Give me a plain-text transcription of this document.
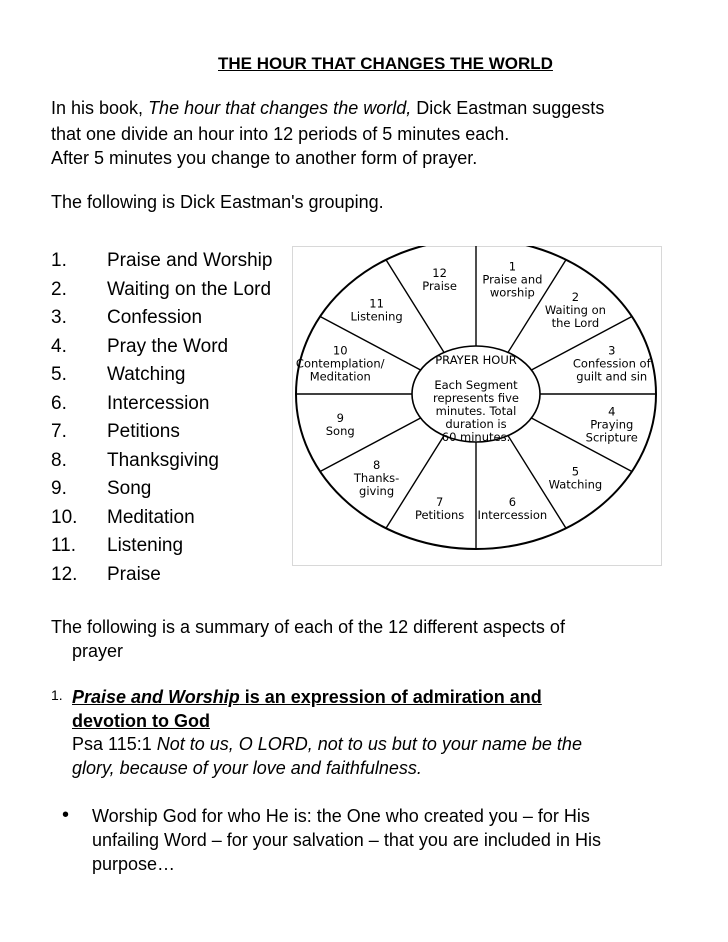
THE HOUR THAT CHANGES THE WORLD
In his book, The hour that changes the world, Dick Eastman suggests
that one divide an hour into 12 periods of 5 minutes each.
After 5 minutes you change to another form of prayer.
The following is Dick Eastman's grouping.
1. Praise and Worship
2. Waiting on the Lord
3. Confession
4. Pray the Word
5. Watching
6. Intercession
7. Petitions
8. Thanksgiving
9. Song
10. Meditation
11. Listening
12. Praise
1
Praise and
worship	2
Waiting on
the Lord
3
Confession of
guilt and sin
4
Praying
Scripture
5
Watching
6
Intercession
7
Petitions
8
Thanks-
giving
9
Song
10
Contemplation/
Meditation
11
Listening
12
Praise
PRAYER HOUR
Each Segment
represents five
minutes. Total
duration is
60 minutes.
The following is a summary of each of the 12 different aspects of
prayer
1. Praise and Worship is an expression of admiration and
devotion to God
Psa 115:1 Not to us, O LORD, not to us but to your name be the
glory, because of your love and faithfulness.
• Worship God for who He is: the One who created you – for His
unfailing Word – for your salvation – that you are included in His
purpose…
